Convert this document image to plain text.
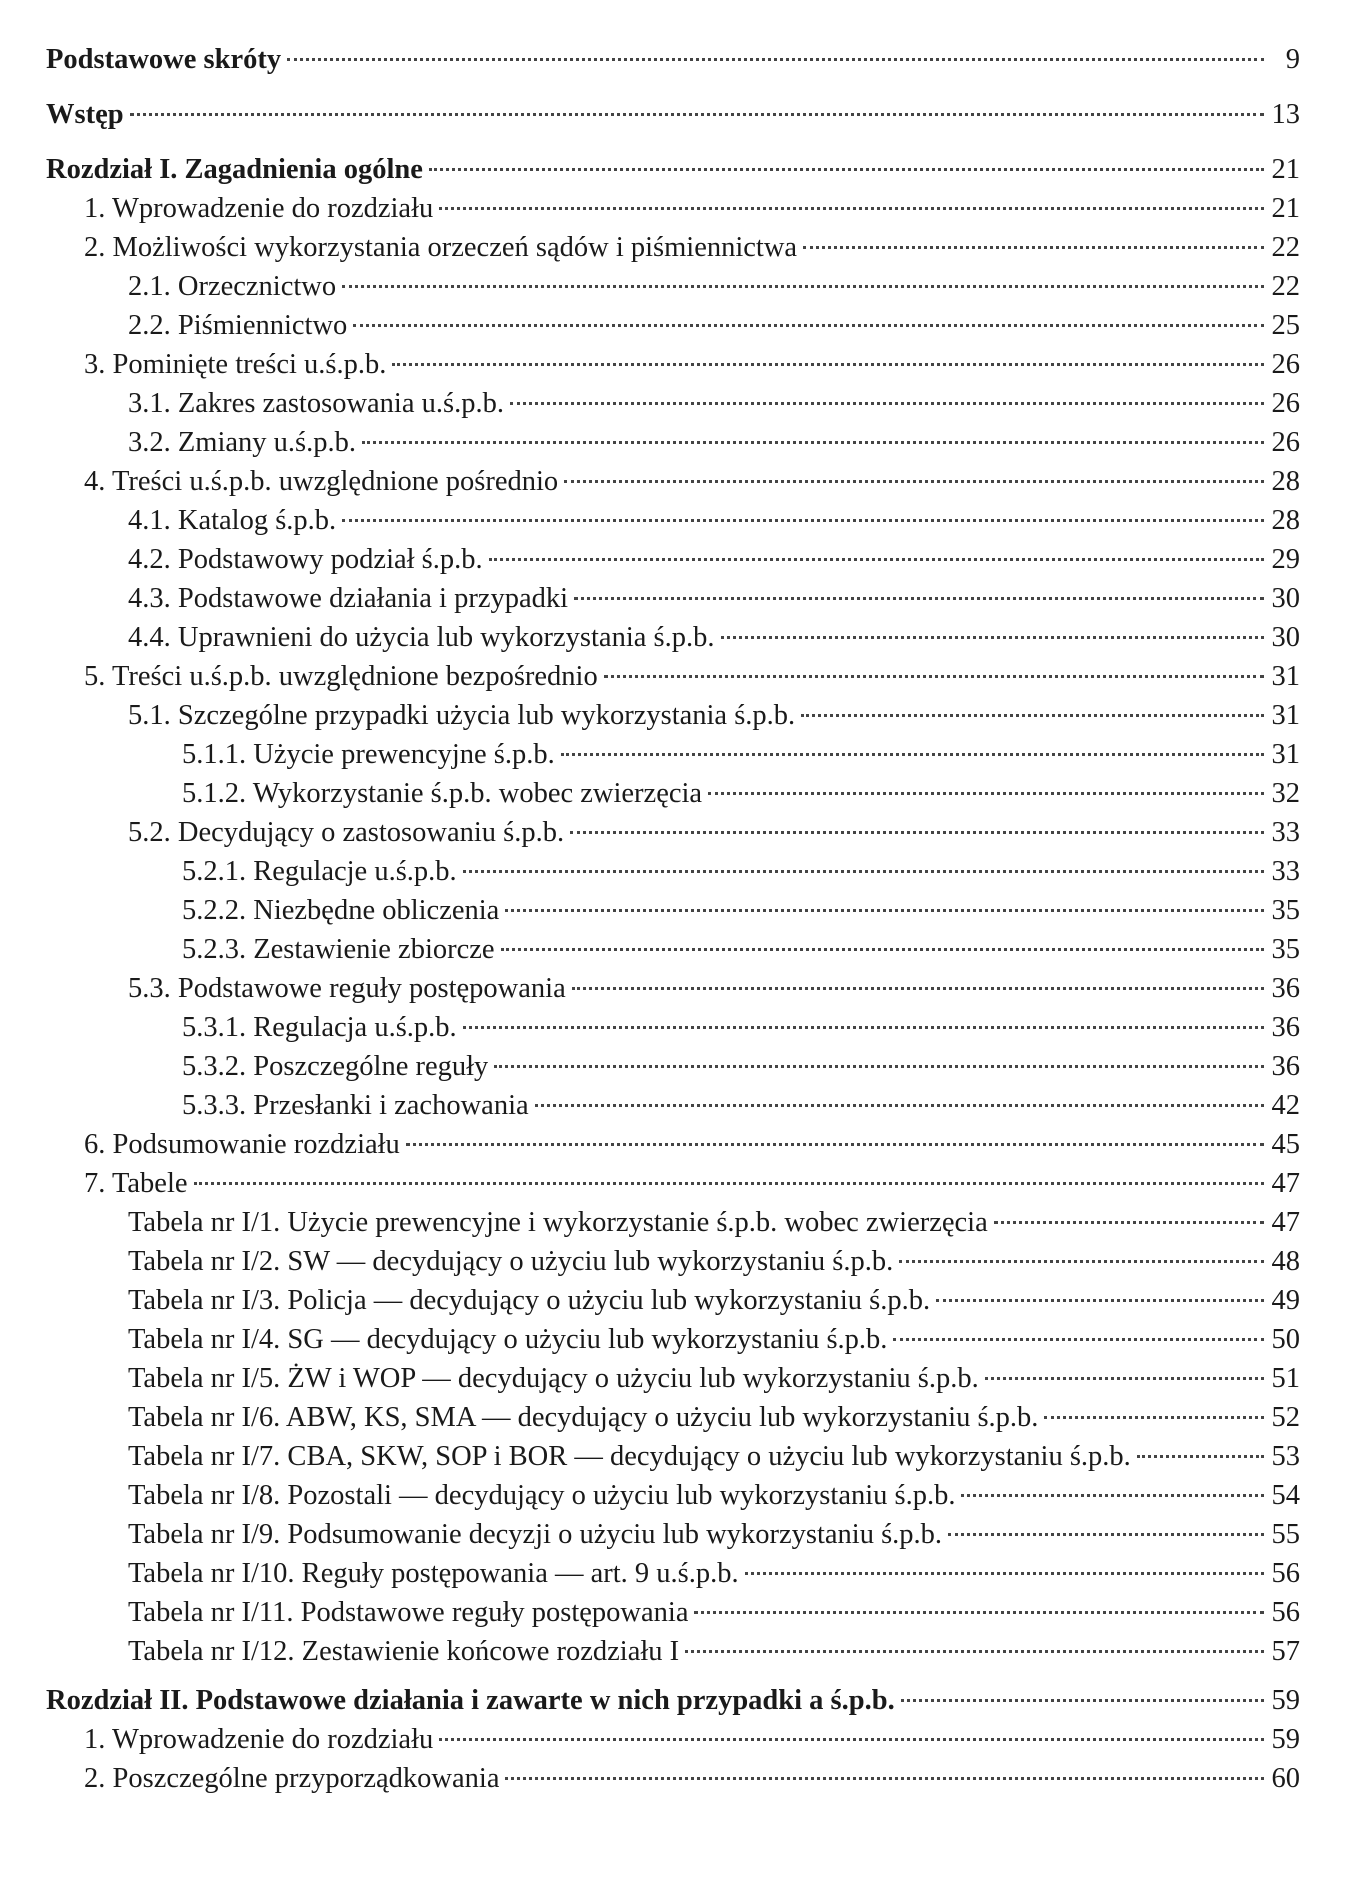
Podstawowe skróty	9
Wstęp	13
Rozdział I. Zagadnienia ogólne	21
1. Wprowadzenie do rozdziału	21
2. Możliwości wykorzystania orzeczeń sądów i piśmiennictwa	22
2.1. Orzecznictwo	22
2.2. Piśmiennictwo	25
3. Pominięte treści u.ś.p.b.	26
3.1. Zakres zastosowania u.ś.p.b.	26
3.2. Zmiany u.ś.p.b.	26
4. Treści u.ś.p.b. uwzględnione pośrednio	28
4.1. Katalog ś.p.b.	28
4.2. Podstawowy podział ś.p.b.	29
4.3. Podstawowe działania i przypadki	30
4.4. Uprawnieni do użycia lub wykorzystania ś.p.b.	30
5. Treści u.ś.p.b. uwzględnione bezpośrednio	31
5.1. Szczególne przypadki użycia lub wykorzystania ś.p.b.	31
5.1.1. Użycie prewencyjne ś.p.b.	31
5.1.2. Wykorzystanie ś.p.b. wobec zwierzęcia	32
5.2. Decydujący o zastosowaniu ś.p.b.	33
5.2.1. Regulacje u.ś.p.b.	33
5.2.2. Niezbędne obliczenia	35
5.2.3. Zestawienie zbiorcze	35
5.3. Podstawowe reguły postępowania	36
5.3.1. Regulacja u.ś.p.b.	36
5.3.2. Poszczególne reguły	36
5.3.3. Przesłanki i zachowania	42
6. Podsumowanie rozdziału	45
7. Tabele	47
Tabela nr I/1. Użycie prewencyjne i wykorzystanie ś.p.b. wobec zwierzęcia	47
Tabela nr I/2. SW — decydujący o użyciu lub wykorzystaniu ś.p.b.	48
Tabela nr I/3. Policja — decydujący o użyciu lub wykorzystaniu ś.p.b.	49
Tabela nr I/4. SG — decydujący o użyciu lub wykorzystaniu ś.p.b.	50
Tabela nr I/5. ŻW i WOP — decydujący o użyciu lub wykorzystaniu ś.p.b.	51
Tabela nr I/6. ABW, KS, SMA — decydujący o użyciu lub wykorzystaniu ś.p.b.	52
Tabela nr I/7. CBA, SKW, SOP i BOR — decydujący o użyciu lub wykorzystaniu ś.p.b.	53
Tabela nr I/8. Pozostali — decydujący o użyciu lub wykorzystaniu ś.p.b.	54
Tabela nr I/9. Podsumowanie decyzji o użyciu lub wykorzystaniu ś.p.b.	55
Tabela nr I/10. Reguły postępowania — art. 9 u.ś.p.b.	56
Tabela nr I/11. Podstawowe reguły postępowania	56
Tabela nr I/12. Zestawienie końcowe rozdziału I	57
Rozdział II. Podstawowe działania i zawarte w nich przypadki a ś.p.b.	59
1. Wprowadzenie do rozdziału	59
2. Poszczególne przyporządkowania	60
